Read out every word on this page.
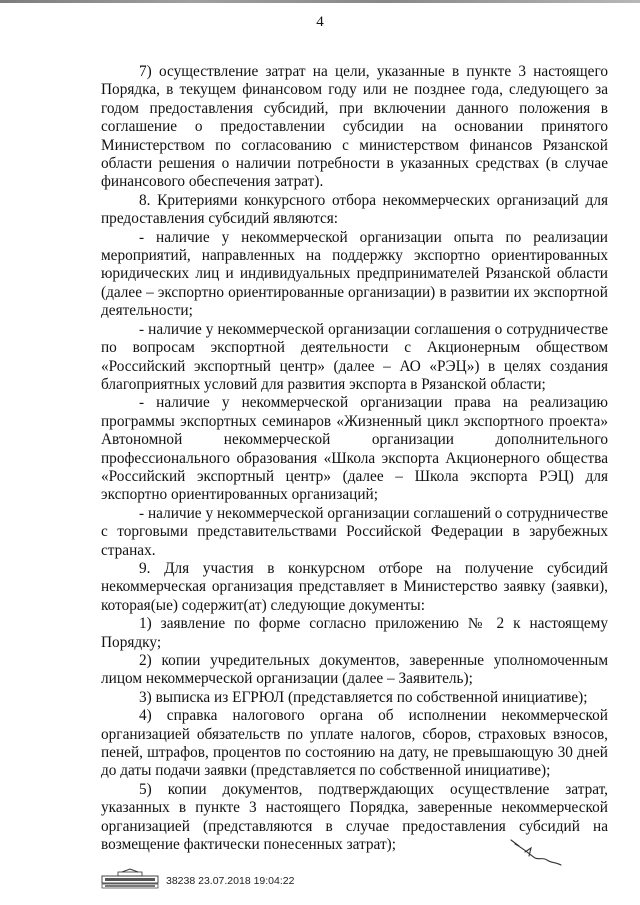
4

7) осуществление затрат на цели, указанные в пункте 3 настоящего Порядка, в текущем финансовом году или не позднее года, следующего за годом предоставления субсидий, при включении данного положения в соглашение о предоставлении субсидии на основании принятого Министерством по согласованию с министерством финансов Рязанской области решения о наличии потребности в указанных средствах (в случае финансового обеспечения затрат).

8. Критериями конкурсного отбора некоммерческих организаций для предоставления субсидий являются:

- наличие у некоммерческой организации опыта по реализации мероприятий, направленных на поддержку экспортно ориентированных юридических лиц и индивидуальных предпринимателей Рязанской области (далее – экспортно ориентированные организации) в развитии их экспортной деятельности;

- наличие у некоммерческой организации соглашения о сотрудничестве по вопросам экспортной деятельности с Акционерным обществом «Российский экспортный центр» (далее – АО «РЭЦ») в целях создания благоприятных условий для развития экспорта в Рязанской области;

- наличие у некоммерческой организации права на реализацию программы экспортных семинаров «Жизненный цикл экспортного проекта» Автономной некоммерческой организации дополнительного профессионального образования «Школа экспорта Акционерного общества «Российский экспортный центр» (далее – Школа экспорта РЭЦ) для экспортно ориентированных организаций;

- наличие у некоммерческой организации соглашений о сотрудничестве с торговыми представительствами Российской Федерации в зарубежных странах.

9. Для участия в конкурсном отборе на получение субсидий некоммерческая организация представляет в Министерство заявку (заявки), которая(ые) содержит(ат) следующие документы:

1) заявление по форме согласно приложению № 2 к настоящему Порядку;

2) копии учредительных документов, заверенные уполномоченным лицом некоммерческой организации (далее – Заявитель);

3) выписка из ЕГРЮЛ (представляется по собственной инициативе);

4) справка налогового органа об исполнении некоммерческой организацией обязательств по уплате налогов, сборов, страховых взносов, пеней, штрафов, процентов по состоянию на дату, не превышающую 30 дней до даты подачи заявки (представляется по собственной инициативе);

5) копии документов, подтверждающих осуществление затрат, указанных в пункте 3 настоящего Порядка, заверенные некоммерческой организацией (представляются в случае предоставления субсидий на возмещение фактически понесенных затрат);

38238 23.07.2018 19:04:22
